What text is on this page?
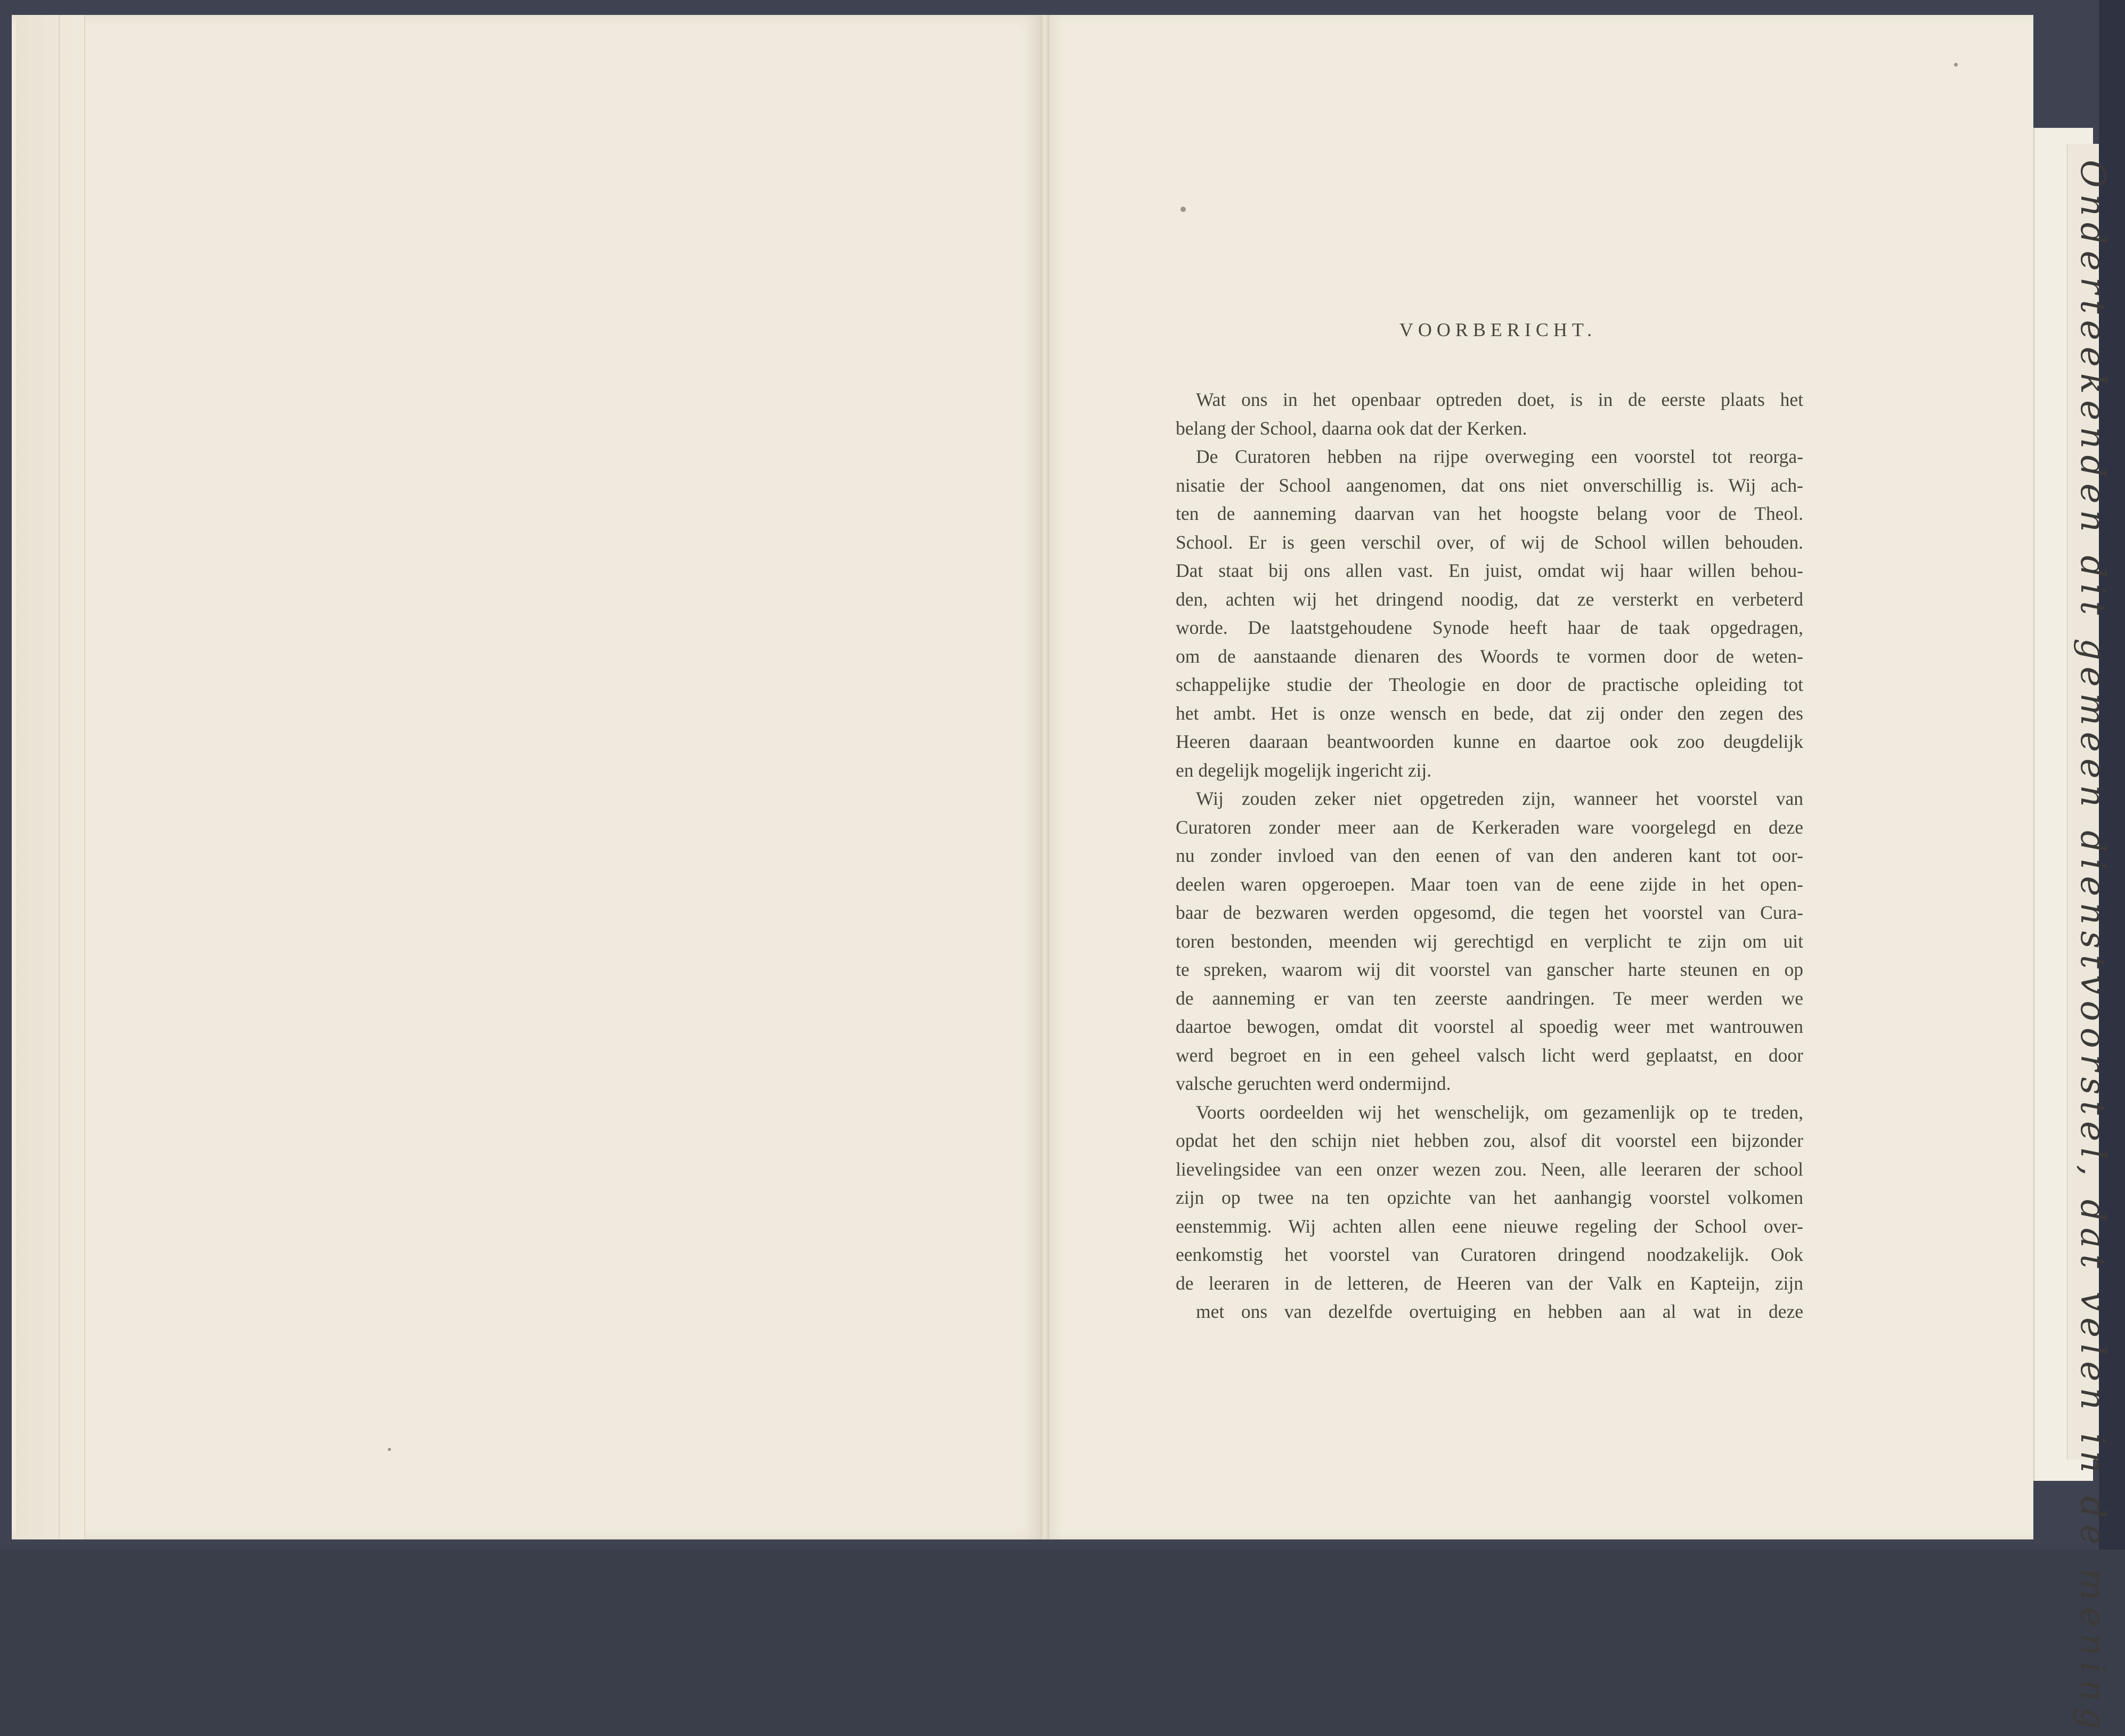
VOORBERICHT.
Wat ons in het openbaar optreden doet, is in de eerste plaats het
belang der School, daarna ook dat der Kerken.
De Curatoren hebben na rijpe overweging een voorstel tot reorga-
nisatie der School aangenomen, dat ons niet onverschillig is. Wij ach-
ten de aanneming daarvan van het hoogste belang voor de Theol.
School. Er is geen verschil over, of wij de School willen behouden.
Dat staat bij ons allen vast. En juist, omdat wij haar willen behou-
den, achten wij het dringend noodig, dat ze versterkt en verbeterd
worde. De laatstgehoudene Synode heeft haar de taak opgedragen,
om de aanstaande dienaren des Woords te vormen door de weten-
schappelijke studie der Theologie en door de practische opleiding tot
het ambt. Het is onze wensch en bede, dat zij onder den zegen des
Heeren daaraan beantwoorden kunne en daartoe ook zoo deugdelijk
en degelijk mogelijk ingericht zij.
Wij zouden zeker niet opgetreden zijn, wanneer het voorstel van
Curatoren zonder meer aan de Kerkeraden ware voorgelegd en deze
nu zonder invloed van den eenen of van den anderen kant tot oor-
deelen waren opgeroepen. Maar toen van de eene zijde in het open-
baar de bezwaren werden opgesomd, die tegen het voorstel van Cura-
toren bestonden, meenden wij gerechtigd en verplicht te zijn om uit
te spreken, waarom wij dit voorstel van ganscher harte steunen en op
de aanneming er van ten zeerste aandringen. Te meer werden we
daartoe bewogen, omdat dit voorstel al spoedig weer met wantrouwen
werd begroet en in een geheel valsch licht werd geplaatst, en door
valsche geruchten werd ondermijnd.
Voorts oordeelden wij het wenschelijk, om gezamenlijk op te treden,
opdat het den schijn niet hebben zou, alsof dit voorstel een bijzonder
lievelingsidee van een onzer wezen zou. Neen, alle leeraren der school
zijn op twee na ten opzichte van het aanhangig voorstel volkomen
eenstemmig. Wij achten allen eene nieuwe regeling der School over-
eenkomstig het voorstel van Curatoren dringend noodzakelijk. Ook
de leeraren in de letteren, de Heeren van der Valk en Kapteijn, zijn
met ons van dezelfde overtuiging en hebben aan al wat in deze	Onderteekenden dit gemeen dienstvoorstel, dat velen in de mening
